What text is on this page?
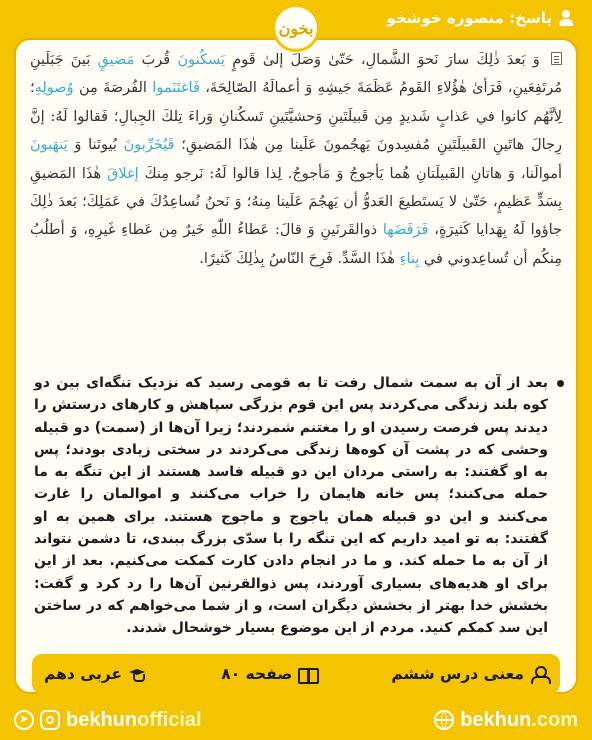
پاسخ: منصوره خوشخو
بخون
وَ بَعدَ ذٰلِكَ سارَ نَحوَ الشَّمالِ، حَتّىٰ وَصَلَ إلىٰ قَومٍ يَسكُنونَ قُربَ مَضيقٍ بَينَ جَبَلَينِ مُرتَفِعَينِ، فَرَأىٰ هٰؤُلاءِ القَومُ عَظَمَةَ جَيشِهِ وَ أعمالَهُ الصّالِحَةَ، فَاغتَنَموا الفُرصَةَ مِن وُصولِهِ؛ لِأنَّهُم كانوا في عَذابٍ شَديدٍ مِن قَبيلَتَينِ وَحشيَّتَينِ تَسكُنانِ وَراءَ تِلكَ الجِبالِ؛ فَقالوا لَهُ: إنَّ رِجالَ هاتَينِ القَبيلَتَينِ مُفسِدونَ يَهجُمونَ عَلَينا مِن هٰذَا المَضيقِ؛ فَيُخَرِّبونَ بُيوتَنا وَ يَنهَبونَ أموالَنا، وَ هاتانِ القَبيلَتانِ هُما يَأجوجُ وَ مَأجوجُ. لِذا قالوا لَهُ: نَرجو مِنكَ إغلاقَ هٰذَا المَضيقِ بِسَدٍّ عَظيمٍ، حَتّىٰ لا يَستَطيعَ العَدوُّ أن يَهجُمَ عَلَينا مِنهُ؛ وَ نَحنُ نُساعِدُكَ في عَمَلِكَ؛ بَعدَ ذٰلِكَ جاؤوا لَهُ بِهَدايا كَثيرَةٍ، فَرَفَضَها ذوالقَرنَينِ وَ قالَ: عَطاءُ اللّٰهِ خَيرٌ مِن عَطاءِ غَيرِهِ، وَ أطلُبُ مِنكُم أن تُساعِدوني في بِناءِ هٰذَا السَّدِّ. فَرِحَ النّاسُ بِذٰلِكَ كَثيرًا.
بعد از آن به سمت شمال رفت تا به قومی رسید که نزدیک تنگه‌ای بین دو کوه بلند زندگی می‌کردند پس این قوم بزرگی سپاهش و کارهای درستش را دیدند پس فرصت رسیدن او را مغتنم شمردند؛ زیرا آن‌ها از (سمت) دو قبیله وحشی که در پشت آن کوه‌ها زندگی می‌کردند در سختی زیادی بودند؛ پس به او گفتند: به راستی مردان این دو قبیله فاسد هستند از این تنگه به ما حمله می‌کنند؛ پس خانه هایمان را خراب می‌کنند و اموالمان را غارت می‌کنند و این دو قبیله همان یاجوج و ماجوج هستند. برای همین به او گفتند: به تو امید داریم که این تنگه را با سدّی بزرگ ببندی، تا دشمن نتواند از آن به ما حمله کند. و ما در انجام دادن کارت کمکت می‌کنیم. بعد از این برای او هدیه‌های بسیاری آوردند، پس ذوالقرنین آن‌ها را رد کرد و گفت: بخشش خدا بهتر از بخشش دیگران است، و از شما می‌خواهم که در ساختن این سد کمکم کنید. مردم از این موضوع بسیار خوشحال شدند.
معنی درس ششم
صفحه ۸۰
عربی دهم
➤ bekhunofficial	bekhun.com
